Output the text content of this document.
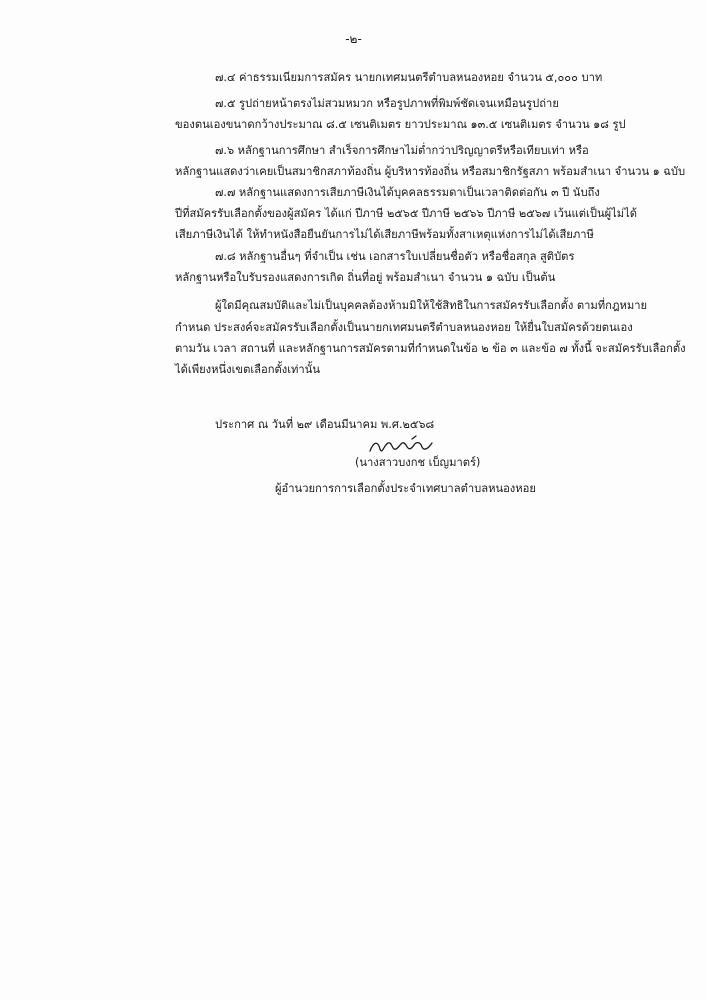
-๒-
๗.๔ ค่าธรรมเนียมการสมัคร นายกเทศมนตรีตำบลหนองหอย จำนวน ๕,๐๐๐ บาท
๗.๕ รูปถ่ายหน้าตรงไม่สวมหมวก หรือรูปภาพที่พิมพ์ชัดเจนเหมือนรูปถ่าย
ของตนเองขนาดกว้างประมาณ ๘.๕ เซนติเมตร ยาวประมาณ ๑๓.๕ เซนติเมตร จำนวน ๑๘ รูป
๗.๖ หลักฐานการศึกษา สำเร็จการศึกษาไม่ต่ำกว่าปริญญาตรีหรือเทียบเท่า หรือ
หลักฐานแสดงว่าเคยเป็นสมาชิกสภาท้องถิ่น ผู้บริหารท้องถิ่น หรือสมาชิกรัฐสภา พร้อมสำเนา จำนวน ๑ ฉบับ
๗.๗ หลักฐานแสดงการเสียภาษีเงินได้บุคคลธรรมดาเป็นเวลาติดต่อกัน ๓ ปี นับถึง
ปีที่สมัครรับเลือกตั้งของผู้สมัคร ได้แก่ ปีภาษี ๒๕๖๕ ปีภาษี ๒๕๖๖ ปีภาษี ๒๕๖๗ เว้นแต่เป็นผู้ไม่ได้
เสียภาษีเงินได้ ให้ทำหนังสือยืนยันการไม่ได้เสียภาษีพร้อมทั้งสาเหตุแห่งการไม่ได้เสียภาษี
๗.๘ หลักฐานอื่นๆ ที่จำเป็น เช่น เอกสารใบเปลี่ยนชื่อตัว หรือชื่อสกุล สูติบัตร
หลักฐานหรือใบรับรองแสดงการเกิด ถิ่นที่อยู่ พร้อมสำเนา จำนวน ๑ ฉบับ เป็นต้น
ผู้ใดมีคุณสมบัติและไม่เป็นบุคคลต้องห้ามมิให้ใช้สิทธิในการสมัครรับเลือกตั้ง ตามที่กฎหมาย
กำหนด ประสงค์จะสมัครรับเลือกตั้งเป็นนายกเทศมนตรีตำบลหนองหอย ให้ยื่นใบสมัครด้วยตนเอง
ตามวัน เวลา สถานที่ และหลักฐานการสมัครตามที่กำหนดในข้อ ๒ ข้อ ๓ และข้อ ๗ ทั้งนี้ จะสมัครรับเลือกตั้ง
ได้เพียงหนึ่งเขตเลือกตั้งเท่านั้น
ประกาศ ณ วันที่ ๒๙ เดือนมีนาคม พ.ศ.๒๕๖๘
(นางสาวบงกช เบ็ญมาตร์)
ผู้อำนวยการการเลือกตั้งประจำเทศบาลตำบลหนองหอย
